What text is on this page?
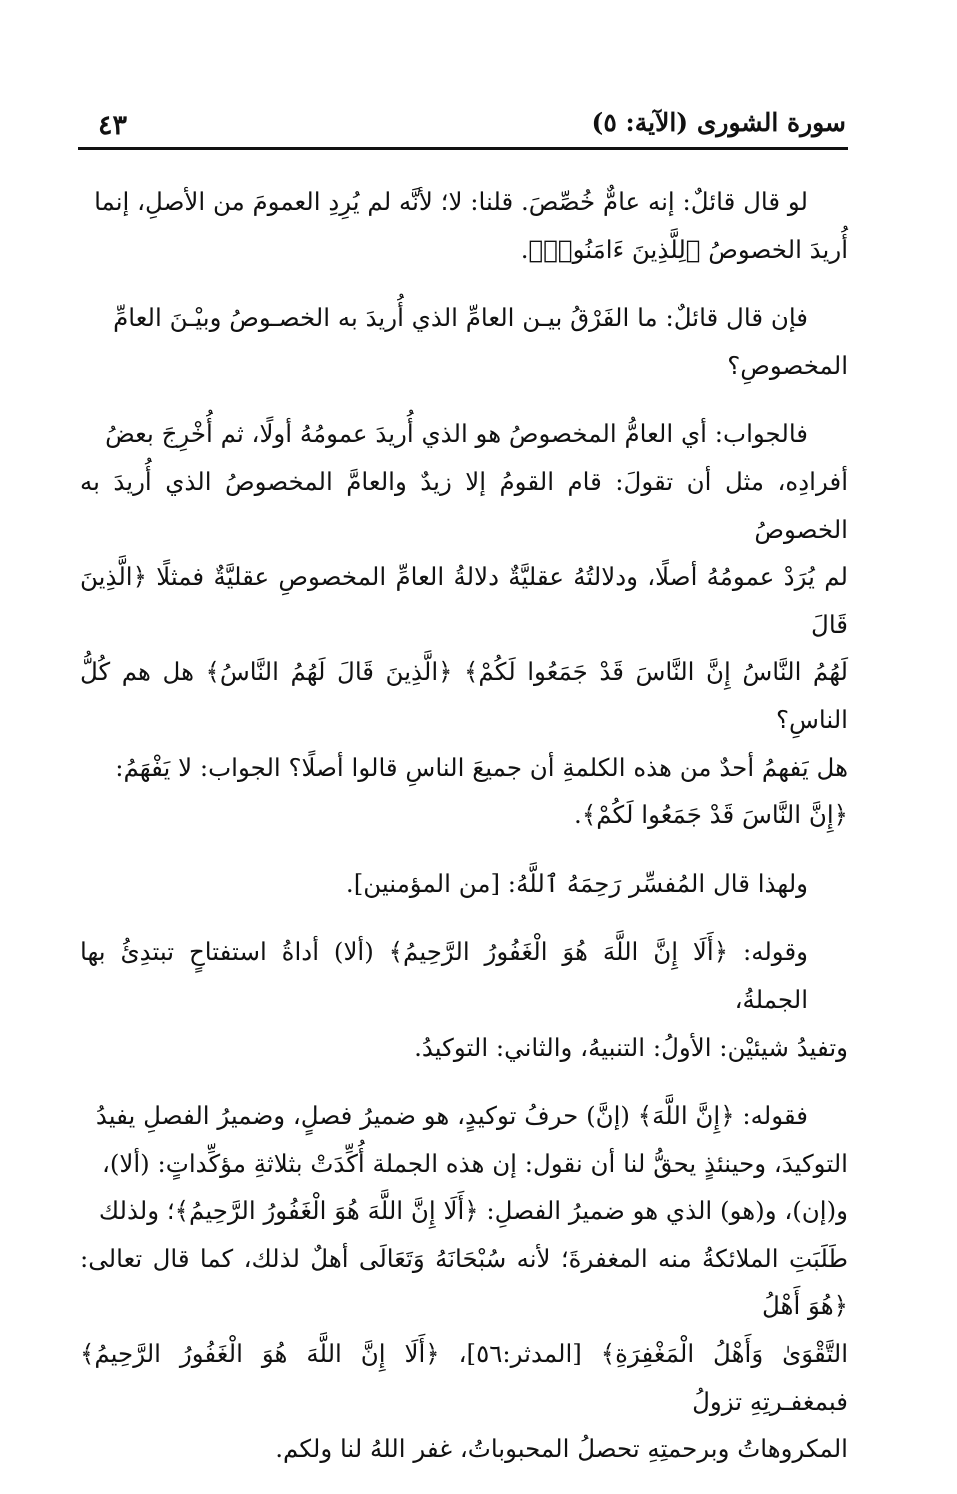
٤٣	سورة الشورى (الآية: ٥)

لو قال قائلٌ: إنه عامٌّ خُصِّصَ. قلنا: لا؛ لأنَّه لم يُرِدِ العمومَ من الأصلِ، إنما
أُريدَ الخصوصُ ﴿لِلَّذِينَ ءَامَنُوا۟﴾.

فإن قال قائلٌ: ما الفَرْقُ بيـن العامِّ الذي أُريدَ به الخصـوصُ وبيْـنَ العامِّ
المخصوصِ؟

فالجواب: أي العامُّ المخصوصُ هو الذي أُريدَ عمومُهُ أولًا، ثم أُخْرِجَ بعضُ
أفرادِه، مثل أن تقولَ: قام القومُ إلا زيدٌ والعامَّ المخصوصُ الذي أُريدَ به الخصوصُ
لم يُرَدْ عمومُهُ أصلًا، ودلالتُهُ عقليَّةٌ دلالةُ العامِّ المخصوصِ عقليَّةٌ فمثلًا ﴿الَّذِينَ قَالَ
لَهُمُ النَّاسُ إِنَّ النَّاسَ قَدْ جَمَعُوا لَكُمْ﴾ ﴿الَّذِينَ قَالَ لَهُمُ النَّاسُ﴾ هل هم كُلُّ الناسِ؟
هل يَفهمُ أحدٌ من هذه الكلمةِ أن جميعَ الناسِ قالوا أصلًا؟ الجواب: لا يَفْهَمُ:
﴿إِنَّ النَّاسَ قَدْ جَمَعُوا لَكُمْ﴾.

ولهذا قال المُفسِّر رَحِمَهُ ٱللَّهُ: [من المؤمنين].

وقوله: ﴿أَلَا إِنَّ اللَّهَ هُوَ الْغَفُورُ الرَّحِيمُ﴾ (ألا) أداةُ استفتاحٍ تبتدِئُ بها الجملةُ،
وتفيدُ شيئيْن: الأولُ: التنبيهُ، والثاني: التوكيدُ.

فقوله: ﴿إِنَّ اللَّهَ﴾ (إنَّ) حرفُ توكيدٍ، هو ضميرُ فصلٍ، وضميرُ الفصلِ يفيدُ
التوكيدَ، وحينئذٍ يحقُّ لنا أن نقول: إن هذه الجملة أُكِّدَتْ بثلاثةِ مؤكِّداتٍ: (ألا)،
و(إن)، و(هو) الذي هو ضميرُ الفصلِ: ﴿أَلَا إِنَّ اللَّهَ هُوَ الْغَفُورُ الرَّحِيمُ﴾؛ ولذلك
طَلَبَتِ الملائكةُ منه المغفرةَ؛ لأنه سُبْحَانَهُ وَتَعَالَى أهلٌ لذلك، كما قال تعالى: ﴿هُوَ أَهْلُ
التَّقْوَىٰ وَأَهْلُ الْمَغْفِرَةِ﴾ [المدثر:٥٦]، ﴿أَلَا إِنَّ اللَّهَ هُوَ الْغَفُورُ الرَّحِيمُ﴾ فبمغفـرتِهِ تزولُ
المكروهاتُ وبرحمتِهِ تحصلُ المحبوباتُ، غفر اللهُ لنا ولكم.
